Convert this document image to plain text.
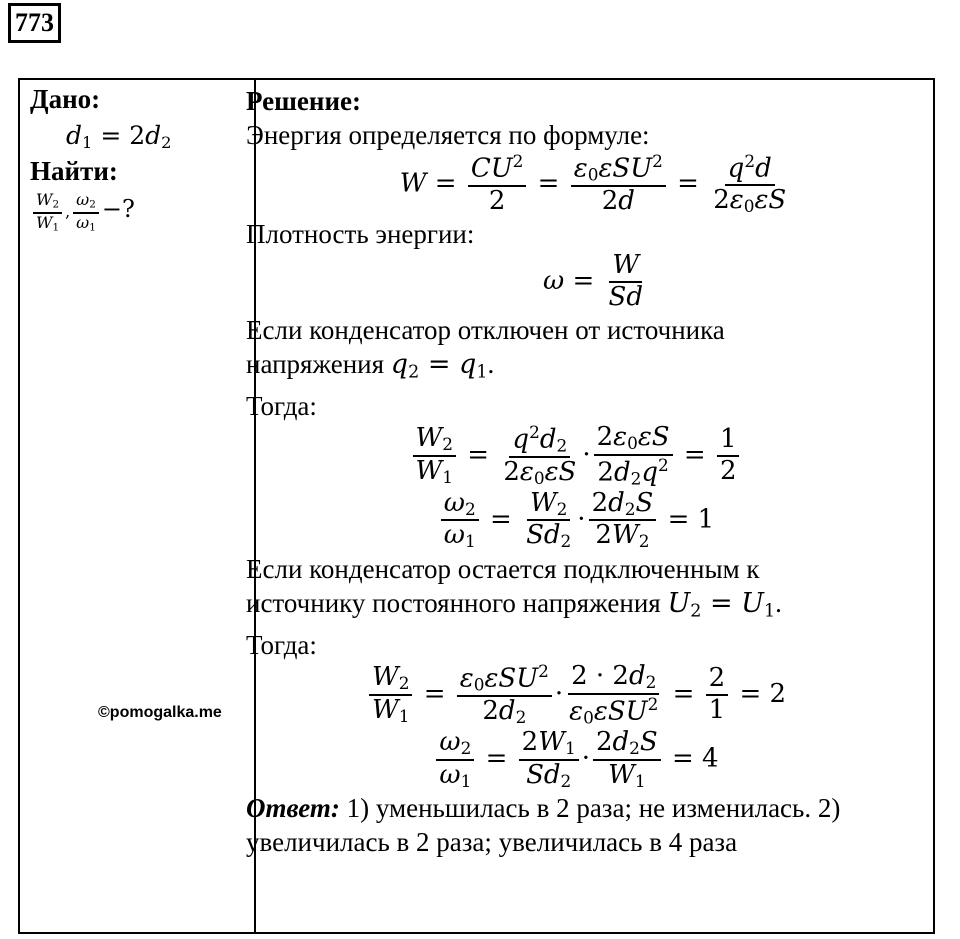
773
Дано:
$d_1 = 2d_2$
Найти:
$\frac{W_2}{W_1}$ , $\frac{\omega_2}{\omega_1}$ −?
Решение:
Энергия определяется по формуле:
$W = \frac{CU^2}{2} = \frac{\varepsilon_0\varepsilon SU^2}{2d} = \frac{q^2d}{2\varepsilon_0\varepsilon S}$
Плотность энергии:
$\omega = \frac{W}{Sd}$
Если конденсатор отключен от источника
напряжения $q_2 = q_1$.
Тогда:
$\frac{W_2}{W_1} = \frac{q^2d_2}{2\varepsilon_0\varepsilon S} \cdot \frac{2\varepsilon_0\varepsilon S}{2d_2q^2} = \frac{1}{2}$
$\frac{\omega_2}{\omega_1} = \frac{W_2}{Sd_2} \cdot \frac{2d_2S}{2W_2} = 1$
Если конденсатор остается подключенным к
источнику постоянного напряжения $U_2 = U_1$.
Тогда:
$\frac{W_2}{W_1} = \frac{\varepsilon_0\varepsilon SU^2}{2d_2} \cdot \frac{2 \cdot 2d_2}{\varepsilon_0\varepsilon SU^2} = \frac{2}{1} = 2$
$\frac{\omega_2}{\omega_1} = \frac{2W_1}{Sd_2} \cdot \frac{2d_2S}{W_1} = 4$
Ответ: 1) уменьшилась в 2 раза; не изменилась. 2)
увеличилась в 2 раза; увеличилась в 4 раза
©pomogalka.me
